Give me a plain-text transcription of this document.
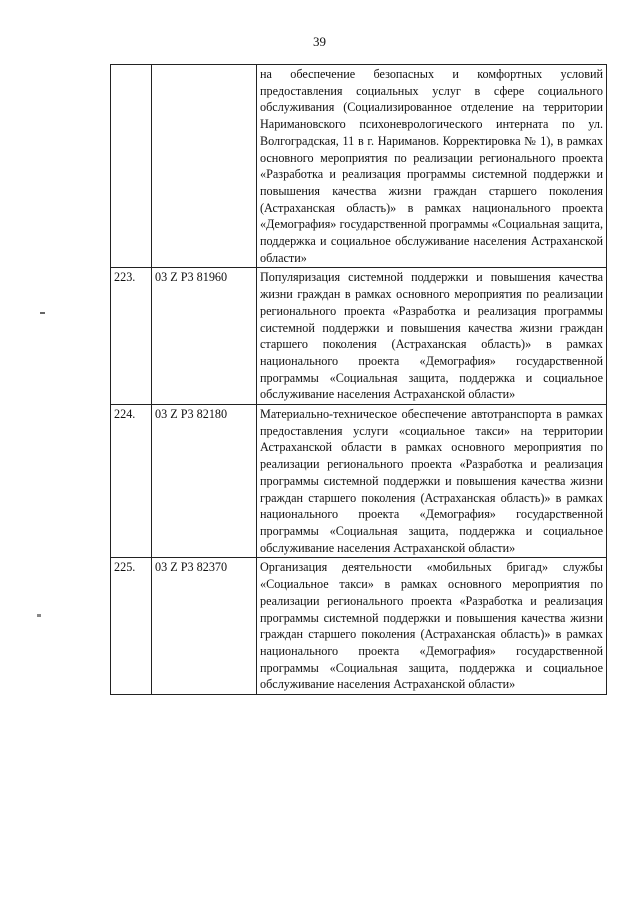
39
		на обеспечение безопасных и комфортных условий предоставления социальных услуг в сфере социального обслуживания (Социализированное отделение на территории Наримановского психоневрологического интерната по ул. Волгоградская, 11 в г. Нариманов. Корректировка № 1), в рамках основного мероприятия по реализации регионального проекта «Разработка и реализация программы системной поддержки и повышения качества жизни граждан старшего поколения (Астраханская область)» в рамках национального проекта «Демография» государственной программы «Социальная защита, поддержка и социальное обслуживание населения Астраханской области»
223.	03 Z P3 81960	Популяризация системной поддержки и повышения качества жизни граждан в рамках основного мероприятия по реализации регионального проекта «Разработка и реализация программы системной поддержки и повышения качества жизни граждан старшего поколения (Астраханская область)» в рамках национального проекта «Демография» государственной программы «Социальная защита, поддержка и социальное обслуживание населения Астраханской области»
224.	03 Z P3 82180	Материально-техническое обеспечение автотранспорта в рамках предоставления услуги «социальное такси» на территории Астраханской области в рамках основного мероприятия по реализации регионального проекта «Разработка и реализация программы системной поддержки и повышения качества жизни граждан старшего поколения (Астраханская область)» в рамках национального проекта «Демография» государственной программы «Социальная защита, поддержка и социальное обслуживание населения Астраханской области»
225.	03 Z P3 82370	Организация деятельности «мобильных бригад» службы «Социальное такси» в рамках основного мероприятия по реализации регионального проекта «Разработка и реализация программы системной поддержки и повышения качества жизни граждан старшего поколения (Астраханская область)» в рамках национального проекта «Демография» государственной программы «Социальная защита, поддержка и социальное обслуживание населения Астраханской области»
